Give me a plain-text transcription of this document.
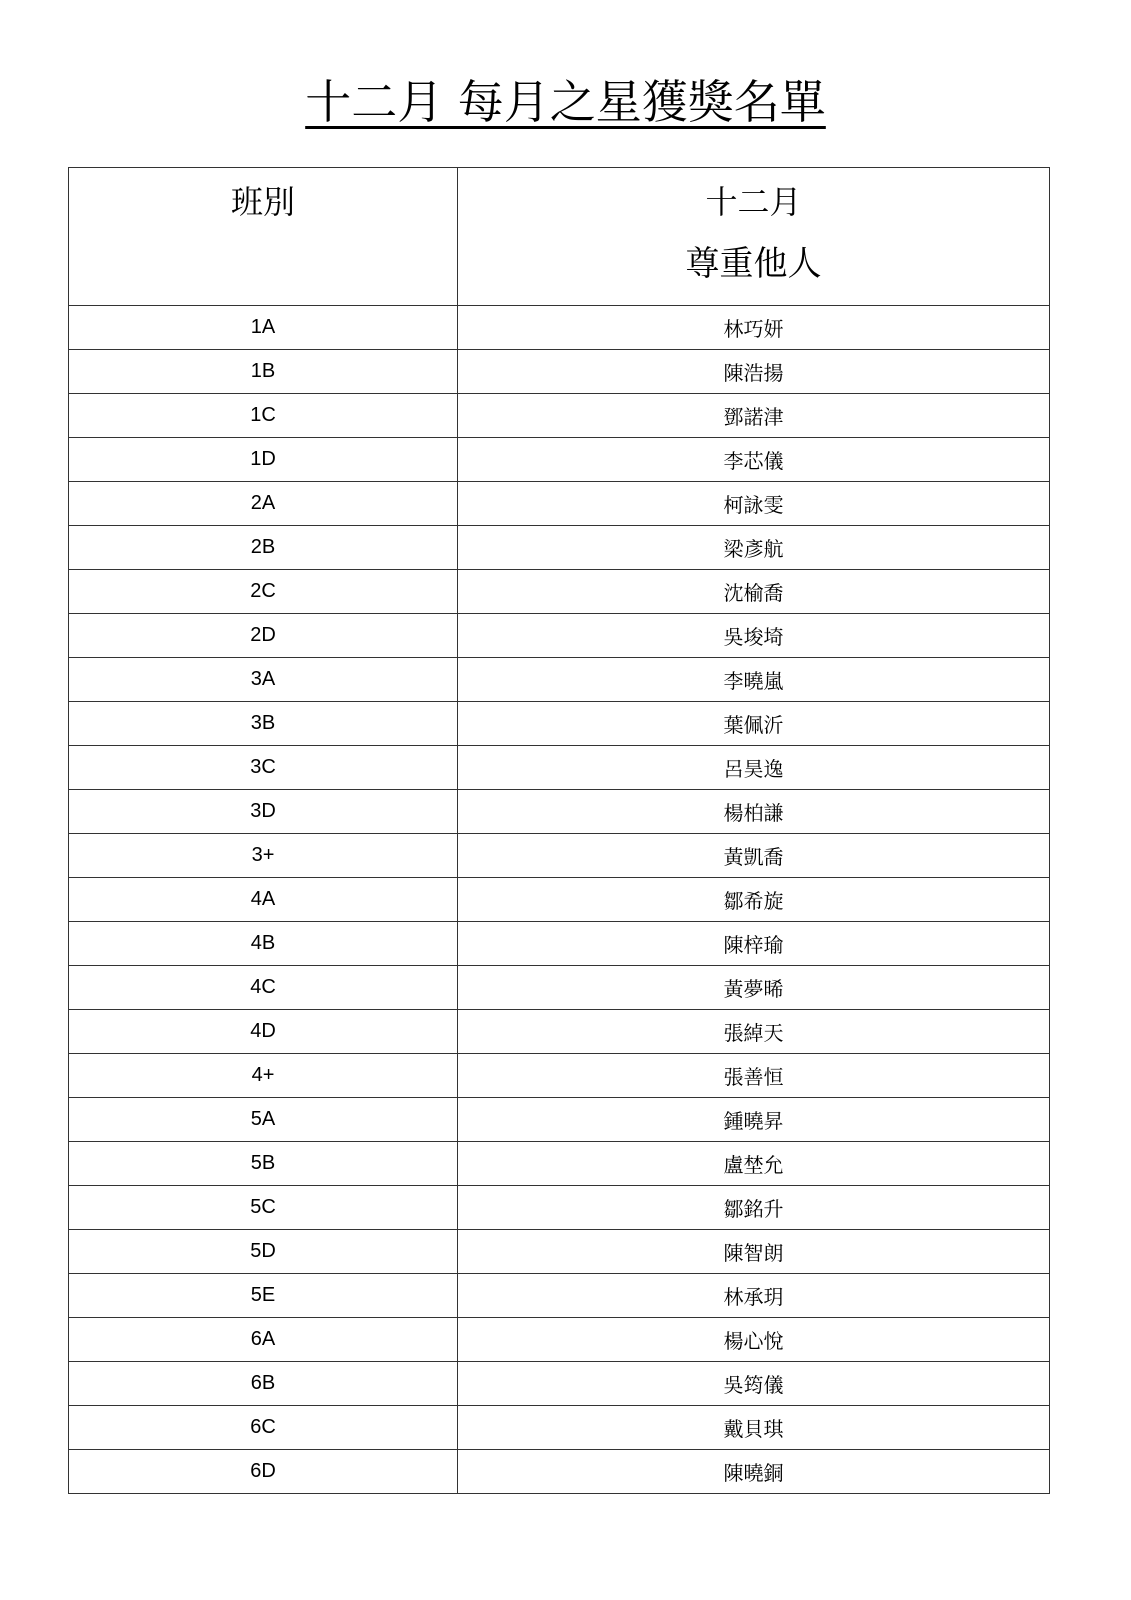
十二月 每月之星獲獎名單
班別	十二月
尊重他人

1A	林巧妍
1B	陳浩揚
1C	鄧諾津
1D	李芯儀
2A	柯詠雯
2B	梁彥航
2C	沈榆喬
2D	吳埈埼
3A	李曉嵐
3B	葉佩沂
3C	呂昊逸
3D	楊柏謙
3+	黃凱喬
4A	鄒希旋
4B	陳梓瑜
4C	黃夢晞
4D	張綽天
4+	張善恒
5A	鍾曉昇
5B	盧埜允
5C	鄒銘升
5D	陳智朗
5E	林承玥
6A	楊心悅
6B	吳筠儀
6C	戴貝琪
6D	陳曉銅
